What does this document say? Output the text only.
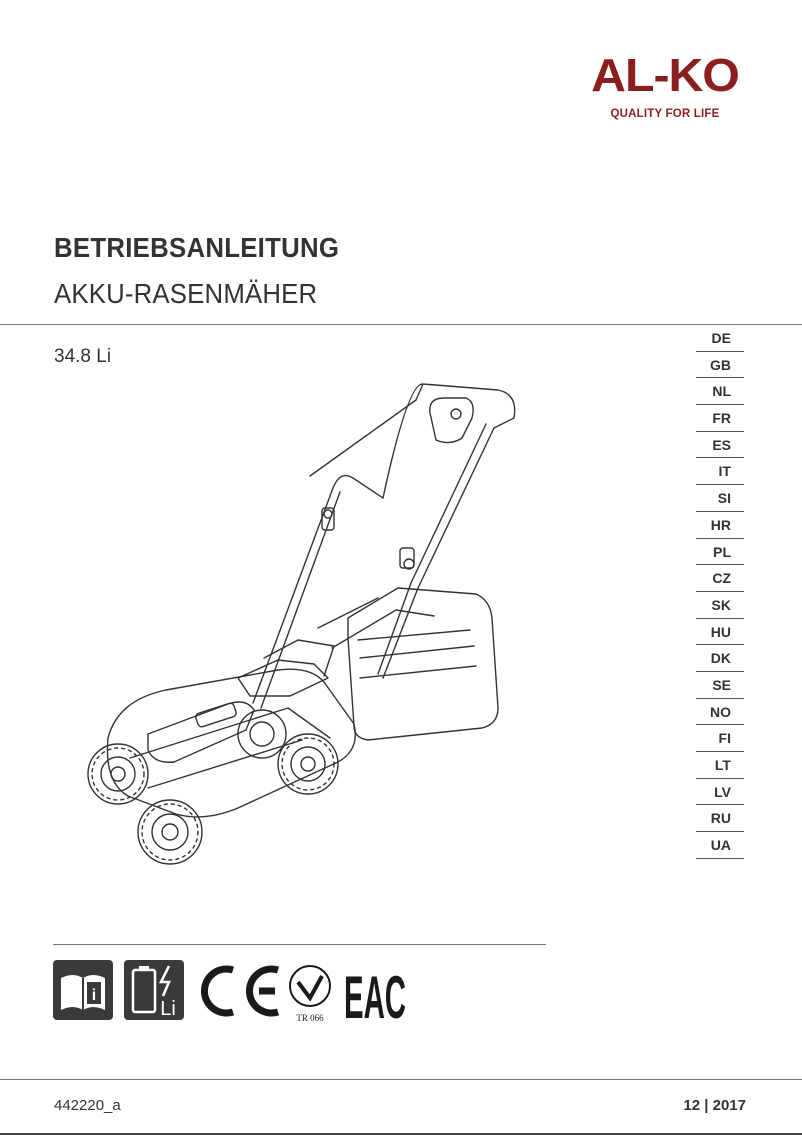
AL-KO
QUALITY FOR LIFE
BETRIEBSANLEITUNG
AKKU-RASENMÄHER
34.8 Li
DE
GB
NL
FR
ES
IT
SI
HR
PL
CZ
SK
HU
DK
SE
NO
FI
LT
LV
RU
UA
i
Li	TR 066 EAC
442220_a	12 | 2017
